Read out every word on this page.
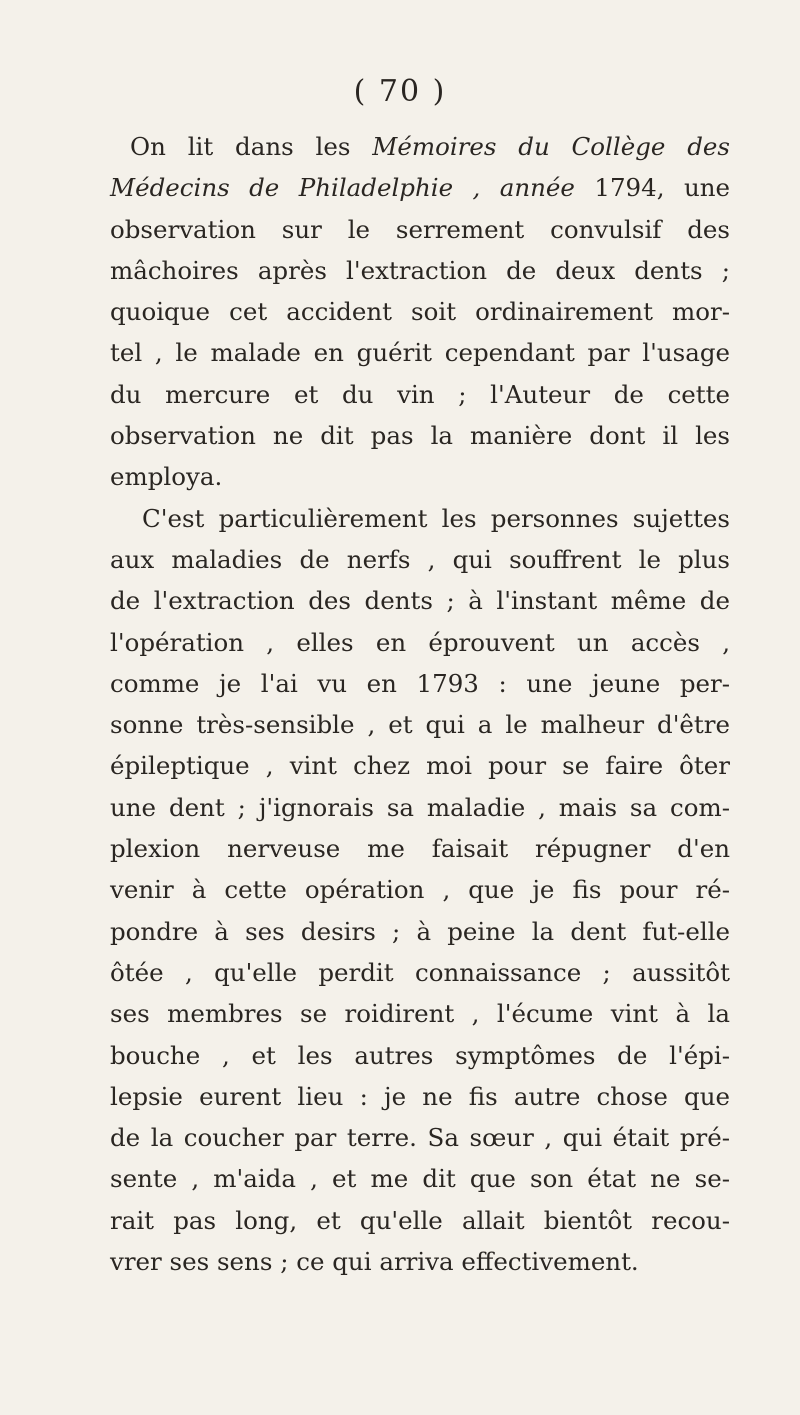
( 70 )
On lit dans les Mémoires du Collège des
Médecins de Philadelphie , année 1794, une
observation sur le serrement convulsif des
mâchoires après l'extraction de deux dents ;
quoique cet accident soit ordinairement mor-
tel , le malade en guérit cependant par l'usage
du mercure et du vin ; l'Auteur de cette
observation ne dit pas la manière dont il les
employa.
C'est particulièrement les personnes sujettes
aux maladies de nerfs , qui souffrent le plus
de l'extraction des dents ; à l'instant même de
l'opération , elles en éprouvent un accès ,
comme je l'ai vu en 1793 : une jeune per-
sonne très-sensible , et qui a le malheur d'être
épileptique , vint chez moi pour se faire ôter
une dent ; j'ignorais sa maladie , mais sa com-
plexion nerveuse me faisait répugner d'en
venir à cette opération , que je fis pour ré-
pondre à ses desirs ; à peine la dent fut-elle
ôtée , qu'elle perdit connaissance ; aussitôt
ses membres se roidirent , l'écume vint à la
bouche , et les autres symptômes de l'épi-
lepsie eurent lieu : je ne fis autre chose que
de la coucher par terre. Sa sœur , qui était pré-
sente , m'aida , et me dit que son état ne se-
rait pas long, et qu'elle allait bientôt recou-
vrer ses sens ; ce qui arriva effectivement.
